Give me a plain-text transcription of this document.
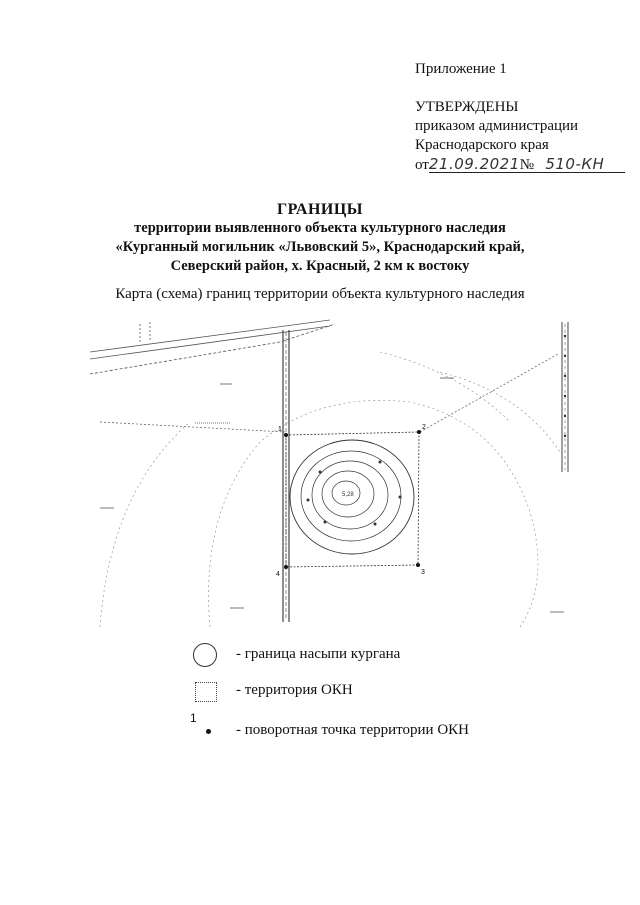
Приложение 1
УТВЕРЖДЕНЫ
приказом администрации
Краснодарского края
от21.09.2021№ 510-КН
ГРАНИЦЫ
территории выявленного объекта культурного наследия
«Курганный могильник «Львовский 5», Краснодарский край,
Северский район, х. Красный, 2 км к востоку
Карта (схема) границ территории объекта культурного наследия
5,28
1	2
3
4
- граница насыпи кургана
- территория ОКН
1
- поворотная точка территории ОКН
